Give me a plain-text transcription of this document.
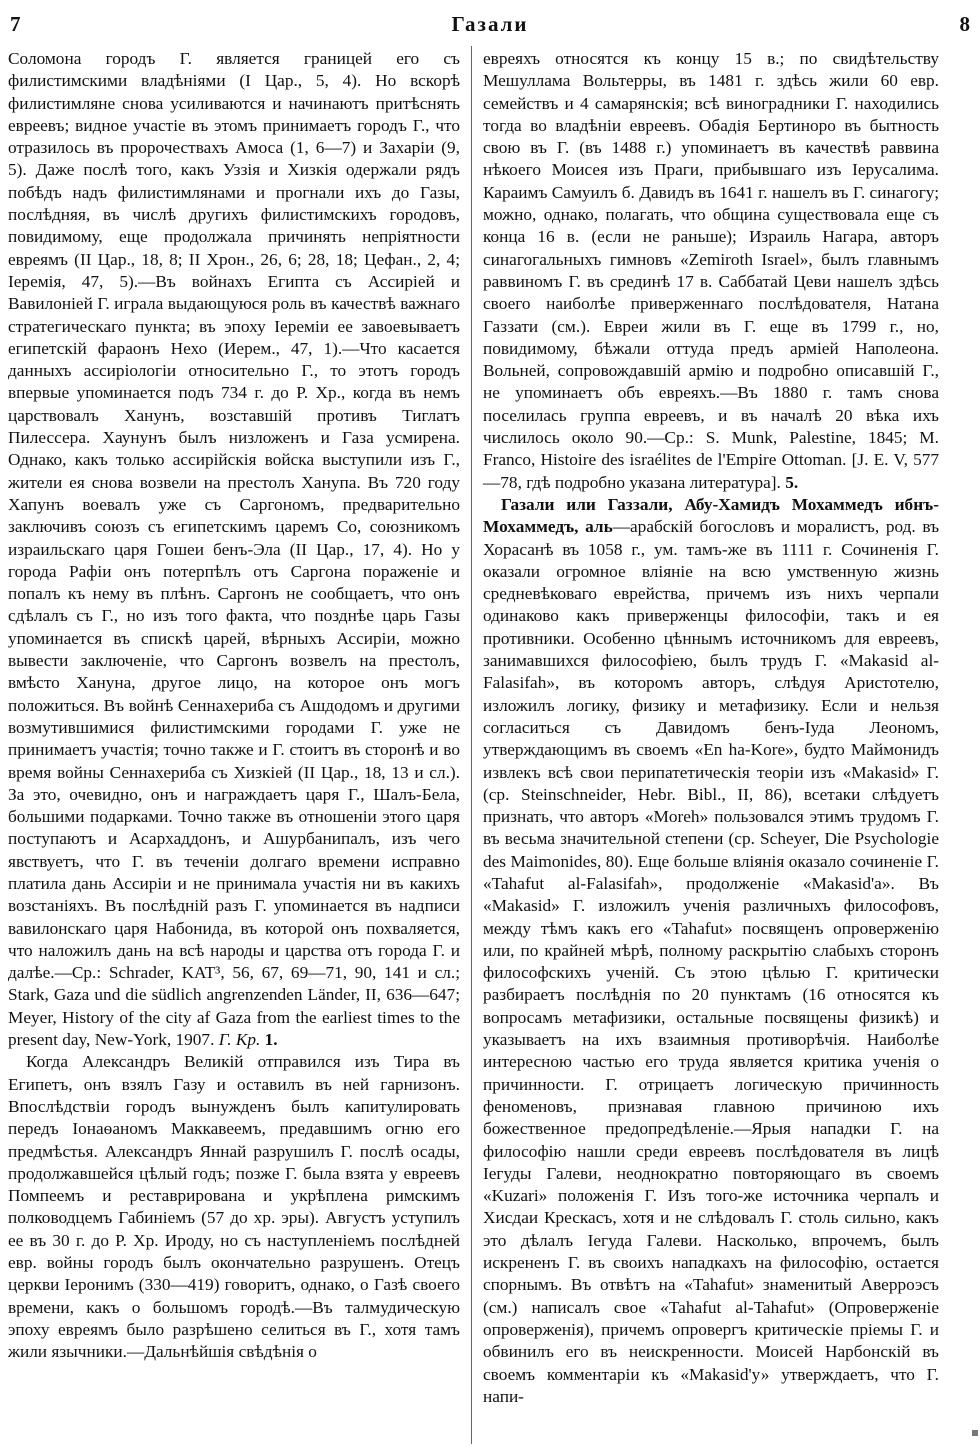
7	Газали	8

Соломона городъ Г. является границей его съ филистимскими владѣніями (I Цар., 5, 4). Но вскорѣ филистимляне снова усиливаются и начинаютъ притѣснять евреевъ; видное участіе въ этомъ принимаетъ городъ Г., что отразилось въ пророчествахъ Амоса (1, 6—7) и Захаріи (9, 5). Даже послѣ того, какъ Уззія и Хизкія одержали рядъ побѣдъ надъ филистимлянами и прогнали ихъ до Газы, послѣдняя, въ числѣ другихъ филистимскихъ городовъ, повидимому, еще продолжала причинять непріятности евреямъ (II Цар., 18, 8; II Хрон., 26, 6; 28, 18; Цефан., 2, 4; Іеремія, 47, 5).—Въ войнахъ Египта съ Ассиріей и Вавилоніей Г. играла выдающуюся роль въ качествѣ важнаго стратегическаго пункта; въ эпоху Іереміи ее завоевываетъ египетскій фараонъ Нехо (Иерем., 47, 1).—Что касается данныхъ ассиріологіи относительно Г., то этотъ городъ впервые упоминается подъ 734 г. до Р. Хр., когда въ немъ царствовалъ Ханунъ, возставшій противъ Тиглатъ Пилессера. Хаунунъ былъ низложенъ и Газа усмирена. Однако, какъ только ассирійскія войска выступили изъ Г., жители ея снова возвели на престолъ Ханупа. Въ 720 году Хапунъ воевалъ уже съ Саргономъ, предварительно заключивъ союзъ съ египетскимъ царемъ Со, союзникомъ израильскаго царя Гошеи бенъ-Эла (II Цар., 17, 4). Но у города Рафіи онъ потерпѣлъ отъ Саргона пораженіе и попалъ къ нему въ плѣнъ. Саргонъ не сообщаетъ, что онъ сдѣлалъ съ Г., но изъ того факта, что позднѣе царь Газы упоминается въ спискѣ царей, вѣрныхъ Ассиріи, можно вывести заключеніе, что Саргонъ возвелъ на престолъ, вмѣсто Хануна, другое лицо, на которое онъ могъ положиться. Въ войнѣ Сеннахериба съ Ашдодомъ и другими возмутившимися филистимскими городами Г. уже не принимаетъ участія; точно также и Г. стоитъ въ сторонѣ и во время войны Сеннахериба съ Хизкіей (II Цар., 18, 13 и сл.). За это, очевидно, онъ и награждаетъ царя Г., Шалъ-Бела, большими подарками. Точно также въ отношеніи этого царя поступаютъ и Асархаддонъ, и Ашурбанипалъ, изъ чего явствуетъ, что Г. въ теченіи долгаго времени исправно платила дань Ассиріи и не принимала участія ни въ какихъ возстаніяхъ. Въ послѣдній разъ Г. упоминается въ надписи вавилонскаго царя Набонида, въ которой онъ похваляется, что наложилъ дань на всѣ народы и царства отъ города Г. и далѣе.—Ср.: Schrader, KAT³, 56, 67, 69—71, 90, 141 и сл.; Stark, Gaza und die südlich angrenzenden Länder, II, 636—647; Meyer, History of the city af Gaza from the earliest times to the present day, New-York, 1907. Г. Кр. 1.

Когда Александръ Великій отправился изъ Тира въ Египетъ, онъ взялъ Газу и оставилъ въ ней гарнизонъ. Впослѣдствіи городъ вынужденъ былъ капитулировать передъ Іонаѳаномъ Маккавеемъ, предавшимъ огню его предмѣстья. Александръ Яннай разрушилъ Г. послѣ осады, продолжавшейся цѣлый годъ; позже Г. была взята у евреевъ Помпеемъ и реставрирована и укрѣплена римскимъ полководцемъ Габиніемъ (57 до хр. эры). Августъ уступилъ ее въ 30 г. до Р. Хр. Ироду, но съ наступленіемъ послѣдней евр. войны городъ былъ окончательно разрушенъ. Отецъ церкви Іеронимъ (330—419) говоритъ, однако, о Газѣ своего времени, какъ о большомъ городѣ.—Въ талмудическую эпоху евреямъ было разрѣшено селиться въ Г., хотя тамъ жили язычники.—Дальнѣйшія свѣдѣнія о

евреяхъ относятся къ концу 15 в.; по свидѣтельству Мешуллама Вольтерры, въ 1481 г. здѣсь жили 60 евр. семействъ и 4 самарянскія; всѣ виноградники Г. находились тогда во владѣніи евреевъ. Обадія Бертиноро въ бытность свою въ Г. (въ 1488 г.) упоминаетъ въ качествѣ раввина нѣкоего Моисея изъ Праги, прибывшаго изъ Іерусалима. Караимъ Самуилъ б. Давидъ въ 1641 г. нашелъ въ Г. синагогу; можно, однако, полагать, что община существовала еще съ конца 16 в. (если не раньше); Израиль Нагара, авторъ синагогальныхъ гимновъ «Zemiroth Israel», былъ главнымъ раввиномъ Г. въ срединѣ 17 в. Саббатай Цеви нашелъ здѣсь своего наиболѣе приверженнаго послѣдователя, Натана Газзати (см.). Евреи жили въ Г. еще въ 1799 г., но, повидимому, бѣжали оттуда предъ арміей Наполеона. Вольней, сопровождавшій армію и подробно описавшій Г., не упоминаетъ объ евреяхъ.—Въ 1880 г. тамъ снова поселилась группа евреевъ, и въ началѣ 20 вѣка ихъ числилось около 90.—Ср.: S. Munk, Palestine, 1845; M. Franco, Histoire des israélites de l'Empire Ottoman. [J. E. V, 577—78, гдѣ подробно указана литература]. 5.

Газали или Газзали, Абу-Хамидъ Мохаммедъ ибнъ-Мохаммедъ, аль—арабскій богословъ и моралистъ, род. въ Хорасанѣ въ 1058 г., ум. тамъ-же въ 1111 г. Сочиненія Г. оказали огромное вліяніе на всю умственную жизнь средневѣковаго еврейства, причемъ изъ нихъ черпали одинаково какъ приверженцы философіи, такъ и ея противники. Особенно цѣннымъ источникомъ для евреевъ, занимавшихся философіею, былъ трудъ Г. «Makasid al-Falasifah», въ которомъ авторъ, слѣдуя Аристотелю, изложилъ логику, физику и метафизику. Если и нельзя согласиться съ Давидомъ бенъ-Іуда Леономъ, утверждающимъ въ своемъ «En ha-Kore», будто Маймонидъ извлекъ всѣ свои перипатетическія теоріи изъ «Makasid» Г. (ср. Steinschneider, Hebr. Bibl., II, 86), всетаки слѣдуетъ признать, что авторъ «Moreh» пользовался этимъ трудомъ Г. въ весьма значительной степени (ср. Scheyer, Die Psychologie des Maimonides, 80). Еще больше вліянія оказало сочиненіе Г. «Tahafut al-Falasifah», продолженіе «Makasid'а». Въ «Makasid» Г. изложилъ ученія различныхъ философовъ, между тѣмъ какъ его «Tahafut» посвященъ опроверженію или, по крайней мѣрѣ, полному раскрытію слабыхъ сторонъ философскихъ ученій. Съ этою цѣлью Г. критически разбираетъ послѣднія по 20 пунктамъ (16 относятся къ вопросамъ метафизики, остальные посвящены физикѣ) и указываетъ на ихъ взаимныя противорѣчія. Наиболѣе интересною частью его труда является критика ученія о причинности. Г. отрицаетъ логическую причинность феноменовъ, признавая главною причиною ихъ божественное предопредѣленіе.—Ярыя нападки Г. на философію нашли среди евреевъ послѣдователя въ лицѣ Іегуды Галеви, неоднократно повторяющаго въ своемъ «Kuzari» положенія Г. Изъ того-же источника черпалъ и Хисдаи Крескасъ, хотя и не слѣдовалъ Г. столь сильно, какъ это дѣлалъ Іегуда Галеви. Насколько, впрочемъ, былъ искрененъ Г. въ своихъ нападкахъ на философію, остается спорнымъ. Въ отвѣтъ на «Tahafut» знаменитый Аверроэсъ (см.) написалъ свое «Tahafut al-Tahafut» (Опроверженіе опроверженія), причемъ опровергъ критическіе пріемы Г. и обвинилъ его въ неискренности. Моисей Нарбонскій въ своемъ комментаріи къ «Makasid'у» утверждаетъ, что Г. напи-
